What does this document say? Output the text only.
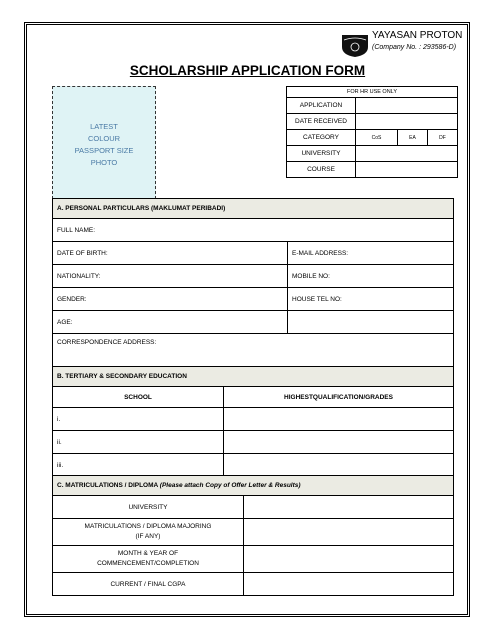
YAYASAN PROTON
(Company No. : 293586-D)
SCHOLARSHIP APPLICATION FORM
LATEST
COLOUR
PASSPORT SIZE
PHOTO
FOR HR USE ONLY			
APPLICATION			
DATE RECEIVED			
CATEGORY	CoS	EA	DF
UNIVERSITY			
COURSE			
A. PERSONAL PARTICULARS (MAKLUMAT PERIBADI)	
FULL NAME:	
DATE OF BIRTH:	E-MAIL ADDRESS:
NATIONALITY:	MOBILE NO:
GENDER:	HOUSE TEL NO:
AGE:	
CORRESPONDENCE ADDRESS:	
B. TERTIARY & SECONDARY EDUCATION	
SCHOOL	HIGHESTQUALIFICATION/GRADES
i.	
ii.	
iii.	
C. MATRICULATIONS / DIPLOMA (Please attach Copy of Offer Letter & Results)	
UNIVERSITY	

MATRICULATIONS / DIPLOMA MAJORING
(IF ANY)	

MONTH & YEAR OF
COMMENCEMENT/COMPLETION	

CURRENT / FINAL CGPA	
